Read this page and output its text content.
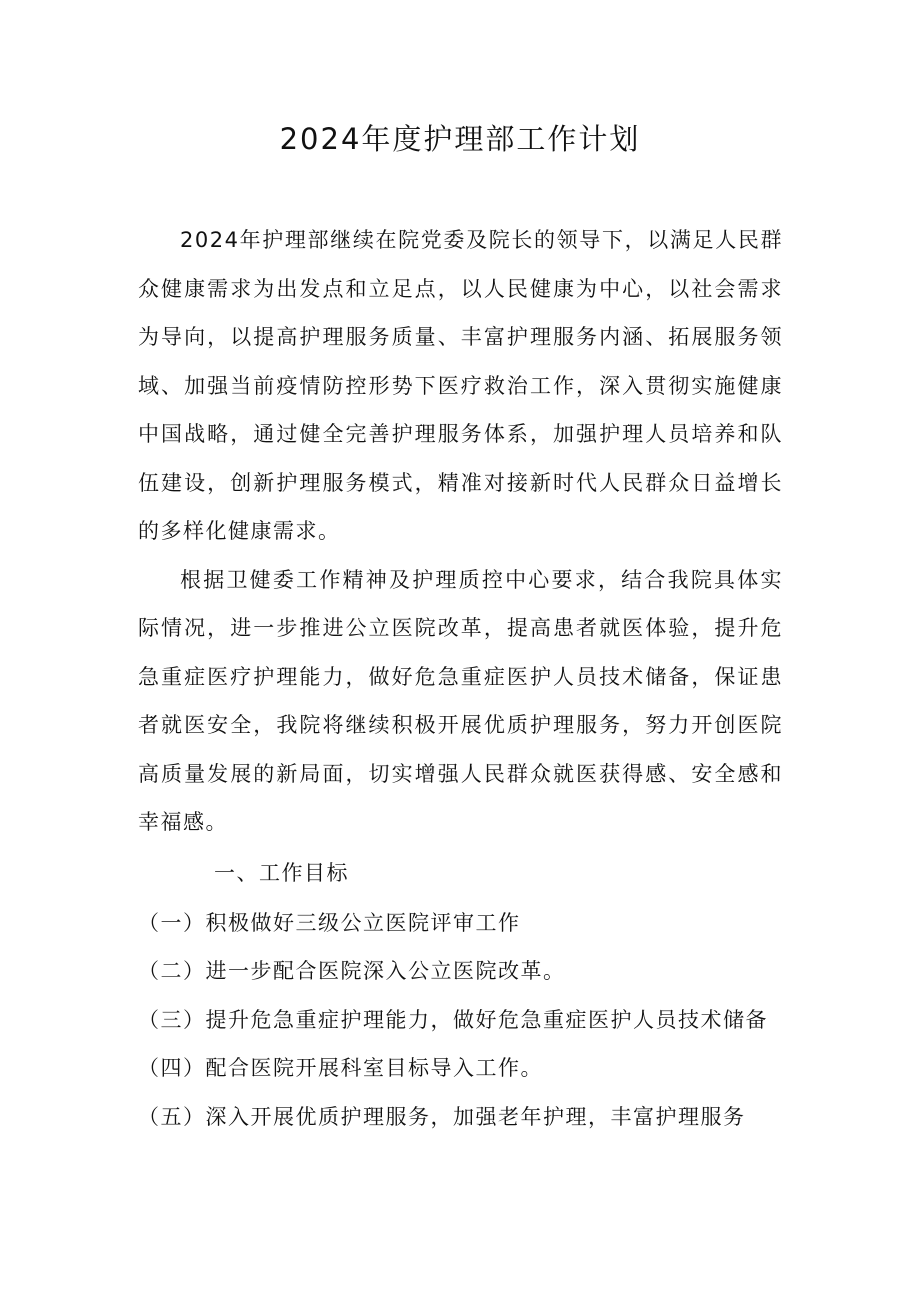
2024年度护理部工作计划

2024年护理部继续在院党委及院长的领导下，以满足人民群众健康需求为出发点和立足点，以人民健康为中心，以社会需求为导向，以提高护理服务质量、丰富护理服务内涵、拓展服务领域、加强当前疫情防控形势下医疗救治工作，深入贯彻实施健康中国战略，通过健全完善护理服务体系，加强护理人员培养和队伍建设，创新护理服务模式，精准对接新时代人民群众日益增长的多样化健康需求。

根据卫健委工作精神及护理质控中心要求，结合我院具体实际情况，进一步推进公立医院改革，提高患者就医体验，提升危急重症医疗护理能力，做好危急重症医护人员技术储备，保证患者就医安全，我院将继续积极开展优质护理服务，努力开创医院高质量发展的新局面，切实增强人民群众就医获得感、安全感和幸福感。

一、工作目标

（一）积极做好三级公立医院评审工作
（二）进一步配合医院深入公立医院改革。
（三）提升危急重症护理能力，做好危急重症医护人员技术储备
（四）配合医院开展科室目标导入工作。
（五）深入开展优质护理服务，加强老年护理，丰富护理服务
